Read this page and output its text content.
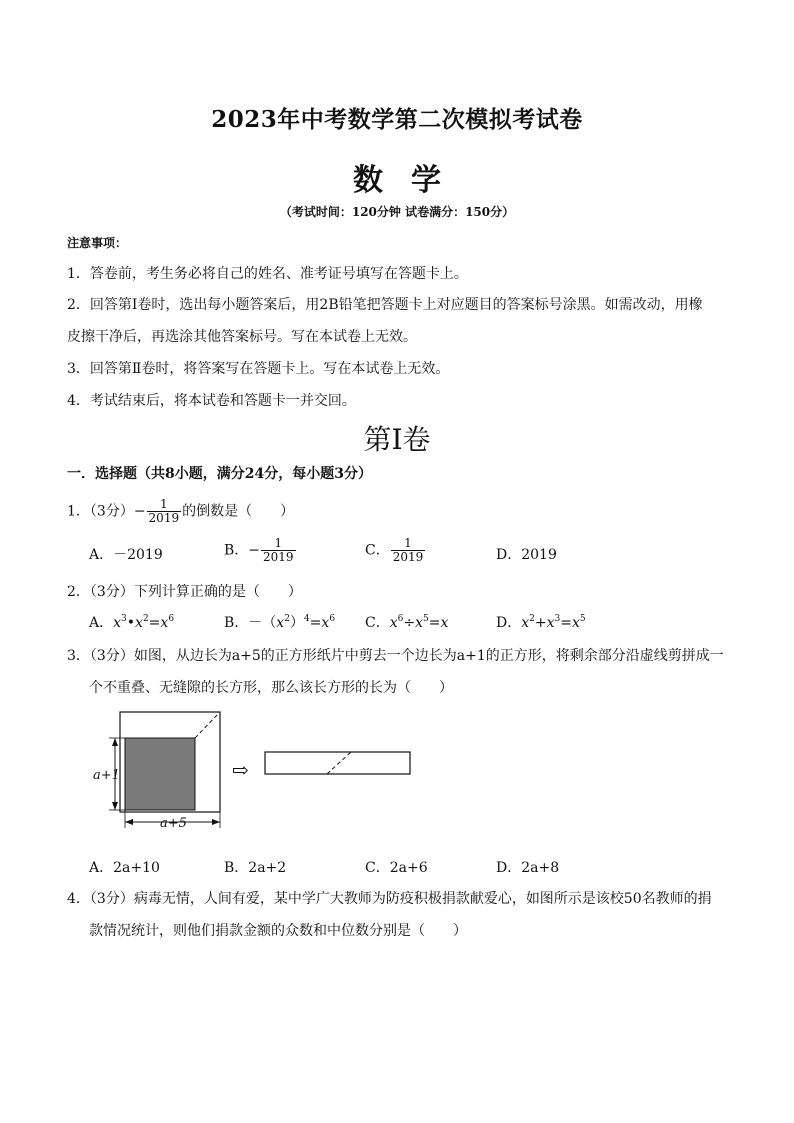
2023年中考数学第二次模拟考试卷
数学
（考试时间：120分钟 试卷满分：150分）
注意事项：
1．答卷前，考生务必将自己的姓名、准考证号填写在答题卡上。
2．回答第Ⅰ卷时，选出每小题答案后，用2B铅笔把答题卡上对应题目的答案标号涂黑。如需改动，用橡
皮擦干净后，再选涂其他答案标号。写在本试卷上无效。
3．回答第Ⅱ卷时，将答案写在答题卡上。写在本试卷上无效。
4．考试结束后，将本试卷和答题卡一并交回。
第Ⅰ卷
一．选择题（共8小题，满分24分，每小题3分）
1．（3分）− $\frac{1}{2019}$ 的倒数是（　　）
A．－2019	B．− $\frac{1}{2019}$	C． $\frac{1}{2019}$	D．2019
2．（3分）下列计算正确的是（　　）
A．$x^3•x^2=x^6$	B．$-(x^2)^4=x^6$ C．$x^6\div x^5=x$	D．$x^2+x^3=x^5$
3．（3分）如图，从边长为a+5的正方形纸片中剪去一个边长为a+1的正方形，将剩余部分沿虚线剪拼成一
个不重叠、无缝隙的长方形，那么该长方形的长为（　　）
a+1
a+5
⇨
A．2a+10	B．2a+2	C．2a+6	D．2a+8
4．（3分）病毒无情，人间有爱，某中学广大教师为防疫积极捐款献爱心，如图所示是该校50名教师的捐
款情况统计，则他们捐款金额的众数和中位数分别是（　　）
